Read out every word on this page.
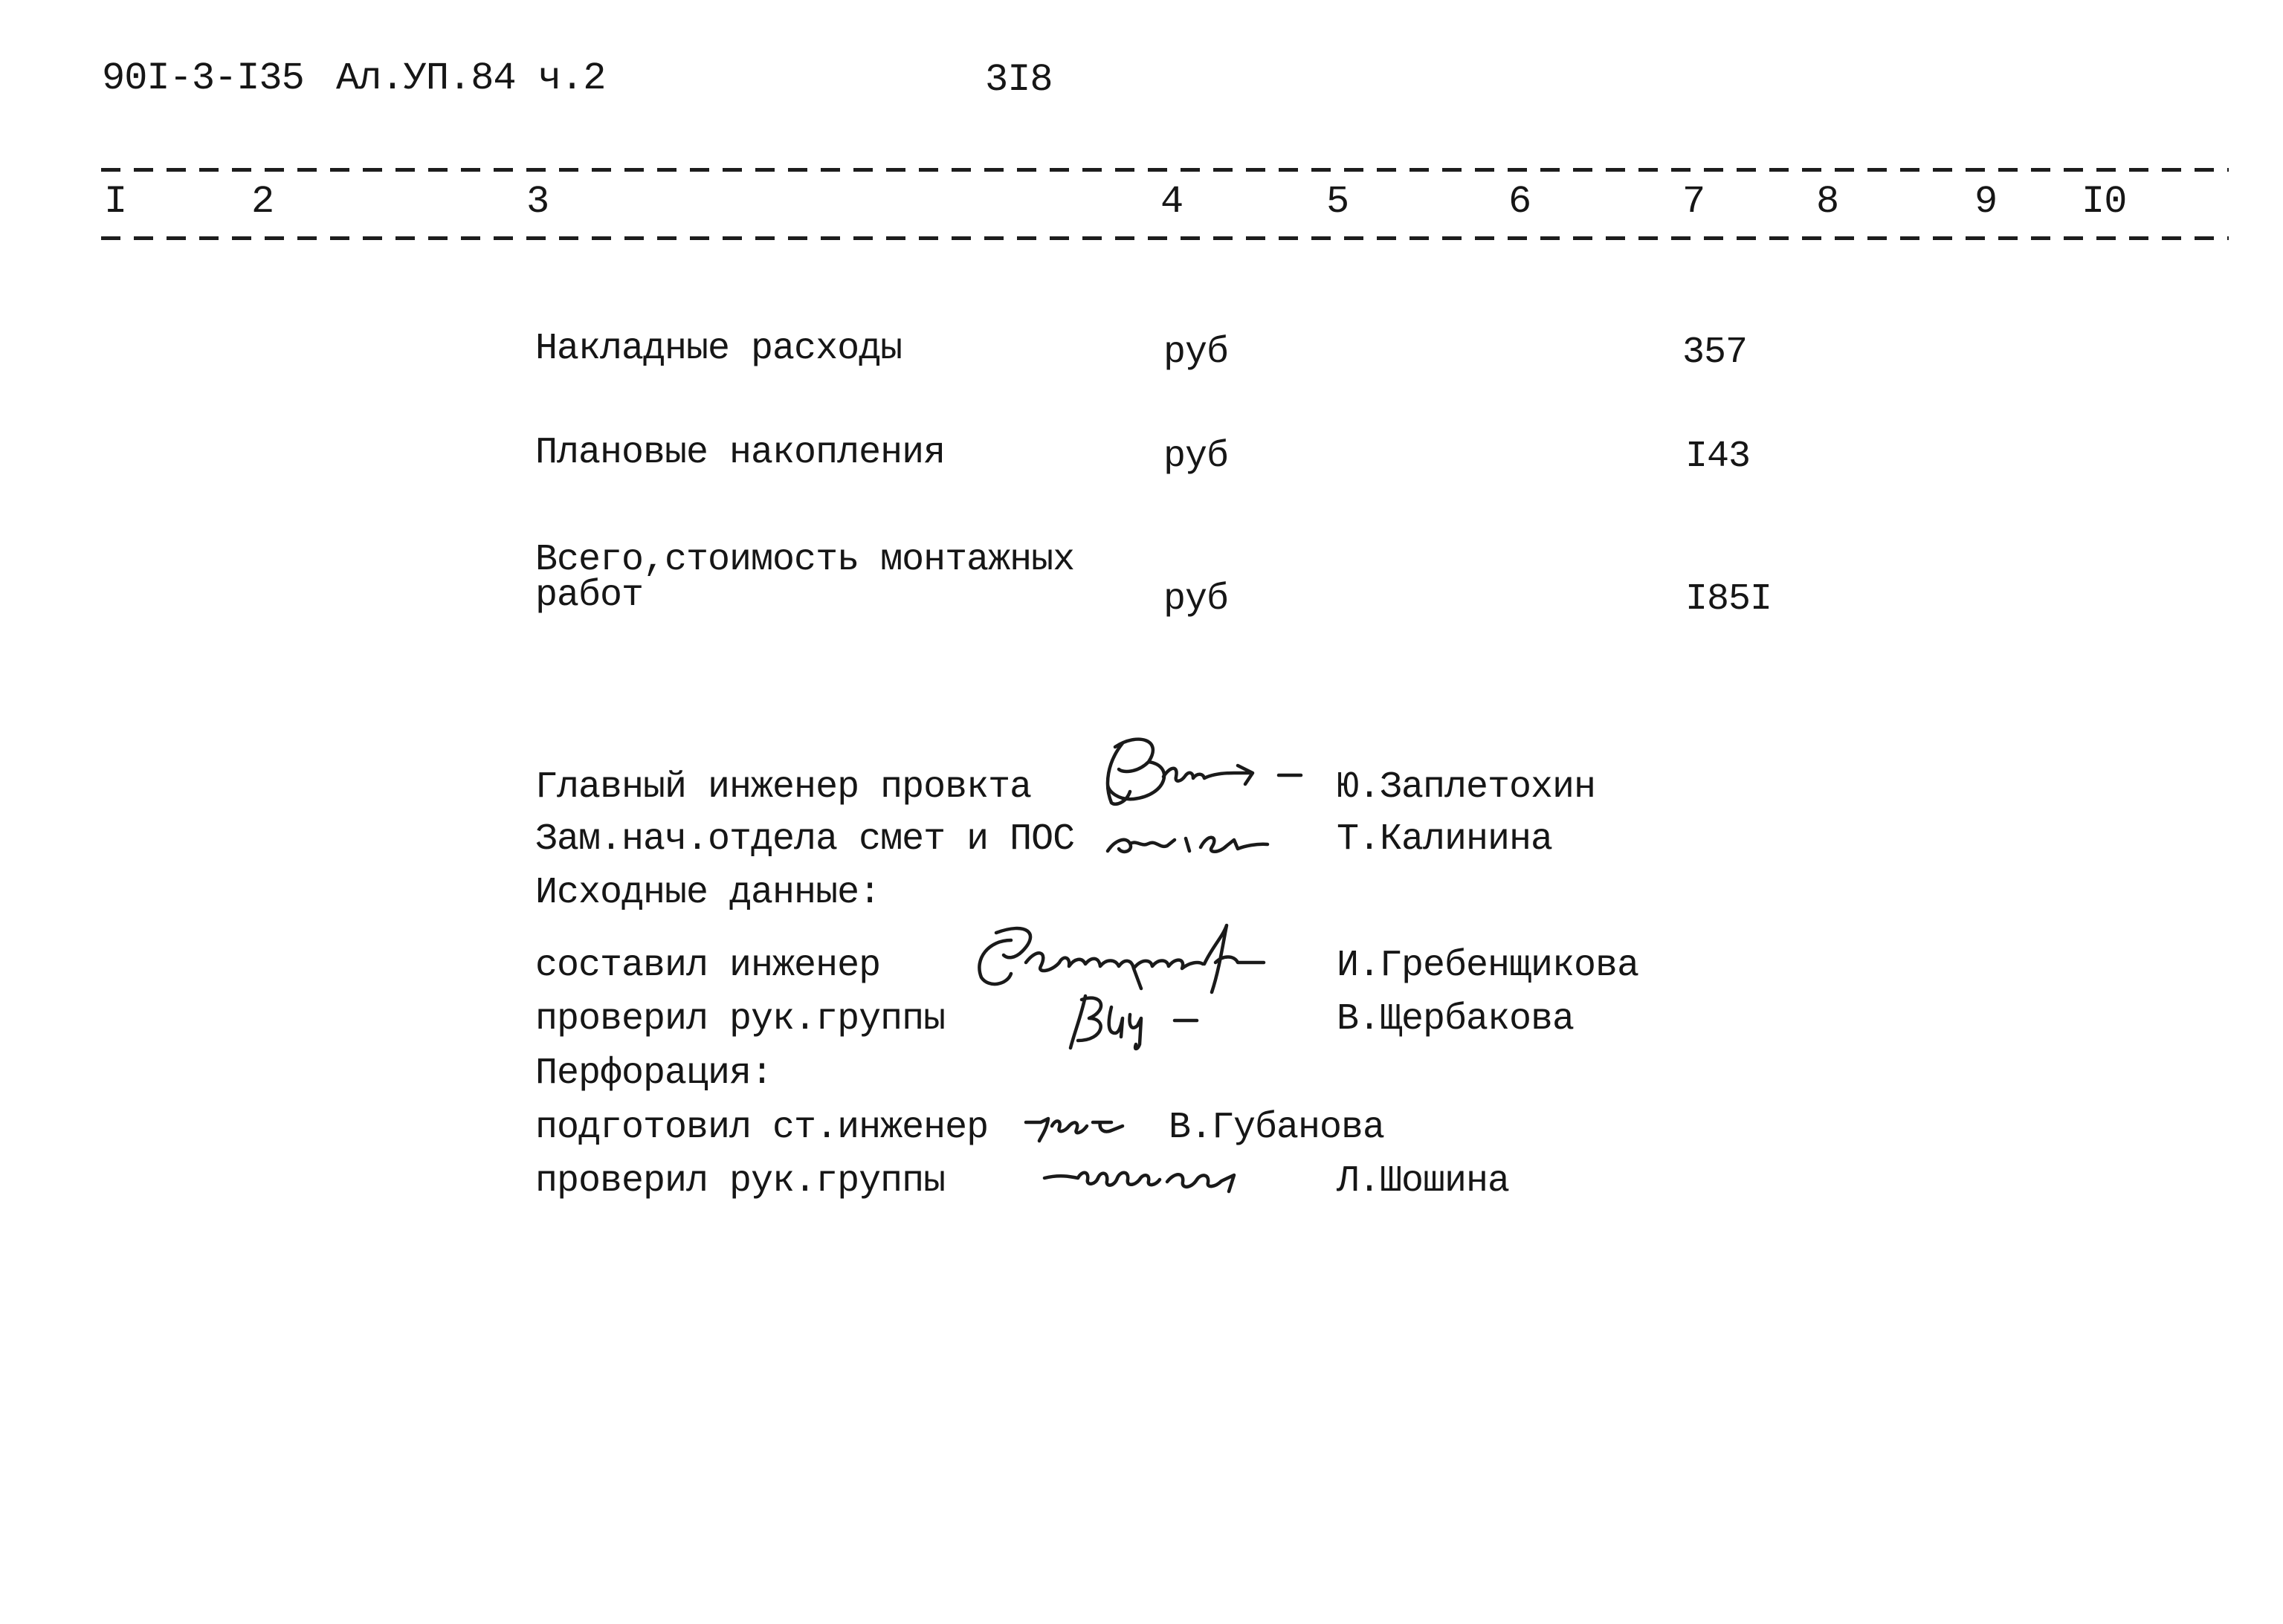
90I-3-I35 Ал.УП.84 ч.2	3I8
I	2	3	4	5	6	7	8	9 I0
Накладные расходы	руб	357
Плановые накопления	руб	I43
Всего,стоимость монтажных
работ	руб	I85I
Главный инженер провкта	Ю.Заплетохин
Зам.нач.отдела смет и ПОС	Т.Калинина
Исходные данные:
составил инженер	И.Гребенщикова
проверил рук.группы	В.Щербакова
Перфорация:
подготовил ст.инженер	В.Губанова
проверил рук.группы	Л.Шошина
